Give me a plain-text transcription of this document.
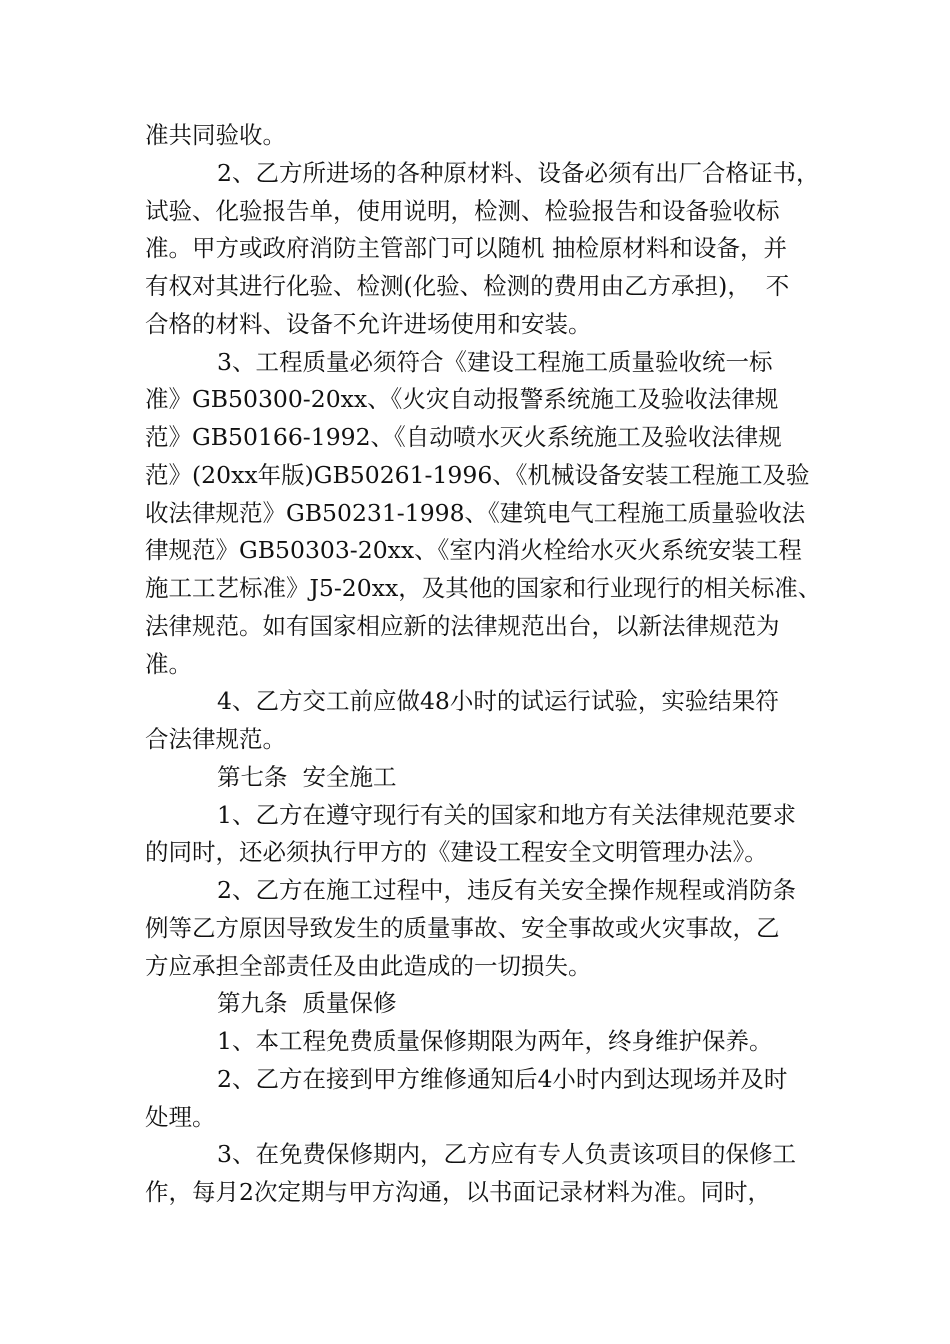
准共同验收。
2、乙方所进场的各种原材料、设备必须有出厂合格证书，
试验、化验报告单，使用说明，检测、检验报告和设备验收标
准。甲方或政府消防主管部门可以随机 抽检原材料和设备，并
有权对其进行化验、检测(化验、检测的费用由乙方承担)，  不
合格的材料、设备不允许进场使用和安装。
3、工程质量必须符合《建设工程施工质量验收统一标
准》GB50300-20xx、《火灾自动报警系统施工及验收法律规
范》GB50166-1992、《自动喷水灭火系统施工及验收法律规
范》(20xx年版)GB50261-1996、《机械设备安装工程施工及验
收法律规范》GB50231-1998、《建筑电气工程施工质量验收法
律规范》GB50303-20xx、《室内消火栓给水灭火系统安装工程
施工工艺标准》J5-20xx，及其他的国家和行业现行的相关标准、
法律规范。如有国家相应新的法律规范出台，以新法律规范为
准。
4、乙方交工前应做48小时的试运行试验，实验结果符
合法律规范。
第七条  安全施工
1、乙方在遵守现行有关的国家和地方有关法律规范要求
的同时，还必须执行甲方的《建设工程安全文明管理办法》。
2、乙方在施工过程中，违反有关安全操作规程或消防条
例等乙方原因导致发生的质量事故、安全事故或火灾事故，乙
方应承担全部责任及由此造成的一切损失。
第九条  质量保修
1、本工程免费质量保修期限为两年，终身维护保养。
2、乙方在接到甲方维修通知后4小时内到达现场并及时
处理。
3、在免费保修期内，乙方应有专人负责该项目的保修工
作，每月2次定期与甲方沟通，以书面记录材料为准。同时，
